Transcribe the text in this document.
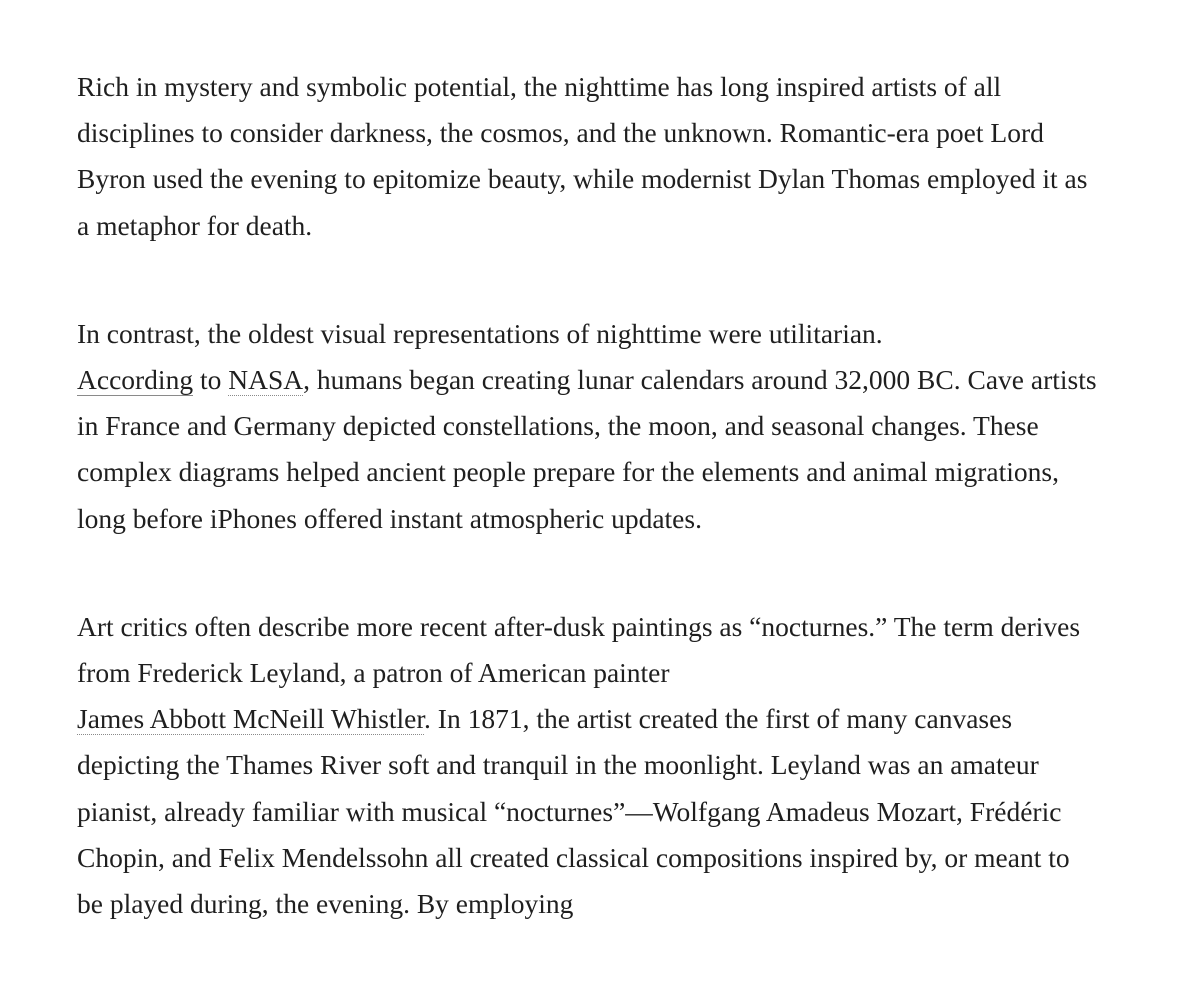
Rich in mystery and symbolic potential, the nighttime has long inspired artists of all disciplines to consider darkness, the cosmos, and the unknown. Romantic-era poet Lord Byron used the evening to epitomize beauty, while modernist Dylan Thomas employed it as a metaphor for death.

In contrast, the oldest visual representations of nighttime were utilitarian.
According to NASA, humans began creating lunar calendars around 32,000 BC. Cave artists in France and Germany depicted constellations, the moon, and seasonal changes. These complex diagrams helped ancient people prepare for the elements and animal migrations, long before iPhones offered instant atmospheric updates.

Art critics often describe more recent after-dusk paintings as “nocturnes.” The term derives from Frederick Leyland, a patron of American painter
James Abbott McNeill Whistler. In 1871, the artist created the first of many canvases depicting the Thames River soft and tranquil in the moonlight. Leyland was an amateur pianist, already familiar with musical “nocturnes”—Wolfgang Amadeus Mozart, Frédéric Chopin, and Felix Mendelssohn all created classical compositions inspired by, or meant to be played during, the evening. By employing
